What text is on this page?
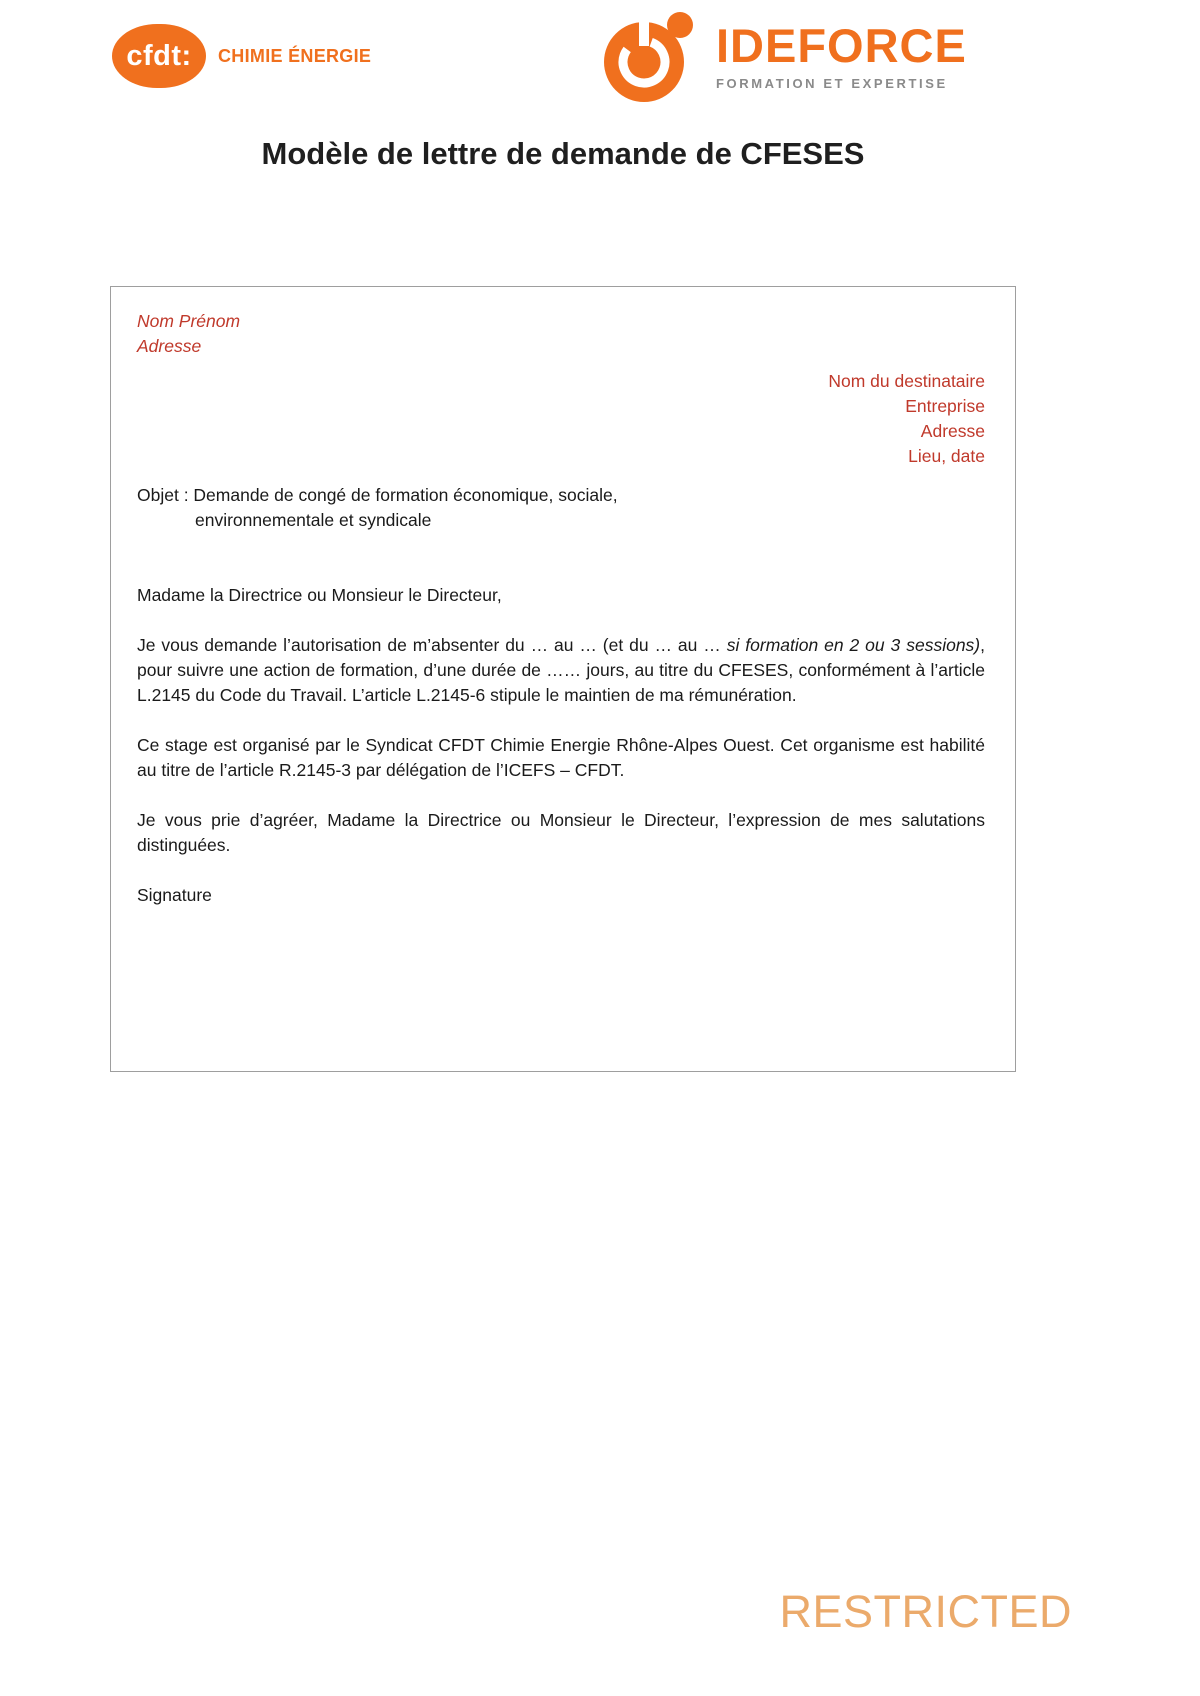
cfdt: CHIMIE ÉNERGIE	IDEFORCE
FORMATION ET EXPERTISE
Modèle de lettre de demande de CFESES
Nom Prénom
Adresse
Nom du destinataire
Entreprise
Adresse
Lieu, date
Objet : Demande de congé de formation économique, sociale,
environnementale et syndicale
Madame la Directrice ou Monsieur le Directeur,
Je vous demande l’autorisation de m’absenter du … au … (et du … au … si formation en 2 ou 3 sessions), pour suivre une action de formation, d’une durée de …… jours, au titre du CFESES, conformément à l’article L.2145 du Code du Travail. L’article L.2145-6 stipule le maintien de ma rémunération.
Ce stage est organisé par le Syndicat CFDT Chimie Energie Rhône-Alpes Ouest. Cet organisme est habilité au titre de l’article R.2145-3 par délégation de l’ICEFS – CFDT.
Je vous prie d’agréer, Madame la Directrice ou Monsieur le Directeur, l’expression de mes salutations distinguées.
Signature
RESTRICTED
